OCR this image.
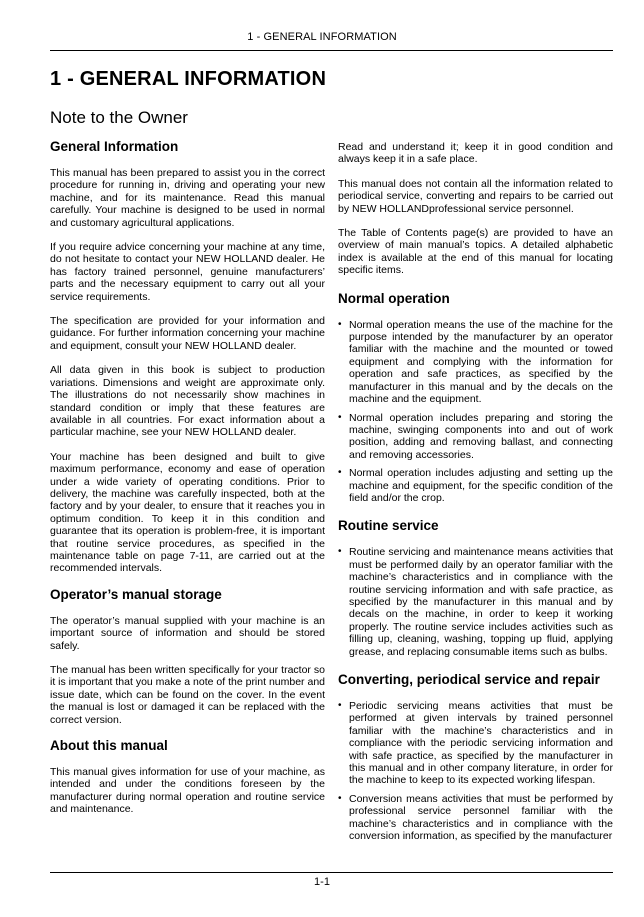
1 - GENERAL INFORMATION
1 - GENERAL INFORMATION
Note to the Owner
General Information

This manual has been prepared to assist you in the correct procedure for running in, driving and operating your new machine, and for its maintenance. Read this manual carefully. Your machine is designed to be used in normal and customary agricultural applications.

If you require advice concerning your machine at any time, do not hesitate to contact your NEW HOLLAND dealer. He has factory trained personnel, genuine manufacturers’ parts and the necessary equipment to carry out all your service requirements.

The specification are provided for your information and guidance. For further information concerning your machine and equipment, consult your NEW HOLLAND dealer.

All data given in this book is subject to production variations. Dimensions and weight are approximate only. The illustrations do not necessarily show machines in standard condition or imply that these features are available in all countries. For exact information about a particular machine, see your NEW HOLLAND dealer.

Your machine has been designed and built to give maximum performance, economy and ease of operation under a wide variety of operating conditions. Prior to delivery, the machine was carefully inspected, both at the factory and by your dealer, to ensure that it reaches you in optimum condition. To keep it in this condition and guarantee that its operation is problem-free, it is important that routine service procedures, as specified in the maintenance table on page 7-11, are carried out at the recommended intervals.

Operator’s manual storage

The operator’s manual supplied with your machine is an important source of information and should be stored safely.

The manual has been written specifically for your tractor so it is important that you make a note of the print number and issue date, which can be found on the cover. In the event the manual is lost or damaged it can be replaced with the correct version.

About this manual

This manual gives information for use of your machine, as intended and under the conditions foreseen by the manufacturer during normal operation and routine service and maintenance.

Read and understand it; keep it in good condition and always keep it in a safe place.

This manual does not contain all the information related to periodical service, converting and repairs to be carried out by NEW HOLLANDprofessional service personnel.

The Table of Contents page(s) are provided to have an overview of main manual’s topics. A detailed alphabetic index is available at the end of this manual for locating specific items.

Normal operation
• Normal operation means the use of the machine for the purpose intended by the manufacturer by an operator familiar with the machine and the mounted or towed equipment and complying with the information for operation and safe practices, as specified by the manufacturer in this manual and by the decals on the machine and the equipment.
• Normal operation includes preparing and storing the machine, swinging components into and out of work position, adding and removing ballast, and connecting and removing accessories.
• Normal operation includes adjusting and setting up the machine and equipment, for the specific condition of the field and/or the crop.
Routine service
• Routine servicing and maintenance means activities that must be performed daily by an operator familiar with the machine’s characteristics and in compliance with the routine servicing information and with safe practice, as specified by the manufacturer in this manual and by decals on the machine, in order to keep it working properly. The routine service includes activities such as filling up, cleaning, washing, topping up fluid, applying grease, and replacing consumable items such as bulbs.
Converting, periodical service and repair
• Periodic servicing means activities that must be performed at given intervals by trained personnel familiar with the machine’s characteristics and in compliance with the periodic servicing information and with safe practice, as specified by the manufacturer in this manual and in other company literature, in order for the machine to keep to its expected working lifespan.
• Conversion means activities that must be performed by professional service personnel familiar with the machine’s characteristics and in compliance with the conversion information, as specified by the manufacturer
1-1
